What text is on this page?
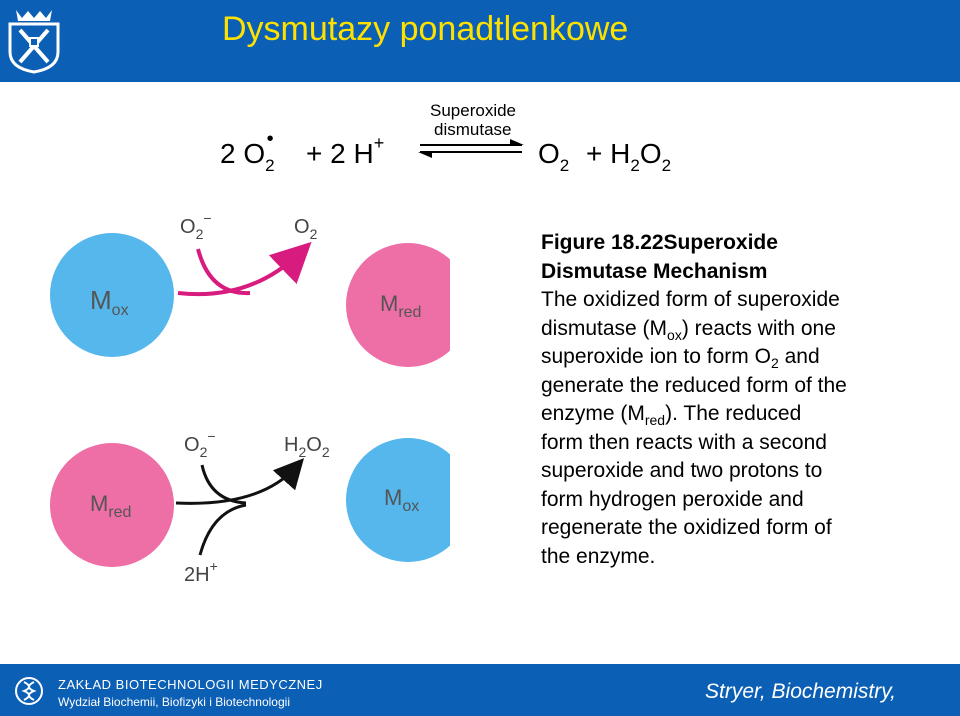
Dysmutazy ponadtlenkowe
Superoxide
dismutase
2 $O_2• + 2$ H+	$O_2 + H_2O_2$
$M_{ox}$	$M_{red}$
$O_2^-$	$O_2$
$M_{red}$
$M_{ox}$
$O_2^-$	$H_2O_2$
2H+
Figure 18.22Superoxide
Dismutase Mechanism
The oxidized form of superoxide
dismutase $(M_{ox})$ reacts with one
superoxide ion to form $O_2$ and
generate the reduced form of the
enzyme $(M_{red})$. The reduced
form then reacts with a second
superoxide and two protons to
form hydrogen peroxide and
regenerate the oxidized form of
the enzyme.
ZAKŁAD BIOTECHNOLOGII MEDYCZNEJ
Wydział Biochemii, Biofizyki i Biotechnologii	Stryer, Biochemistry,
